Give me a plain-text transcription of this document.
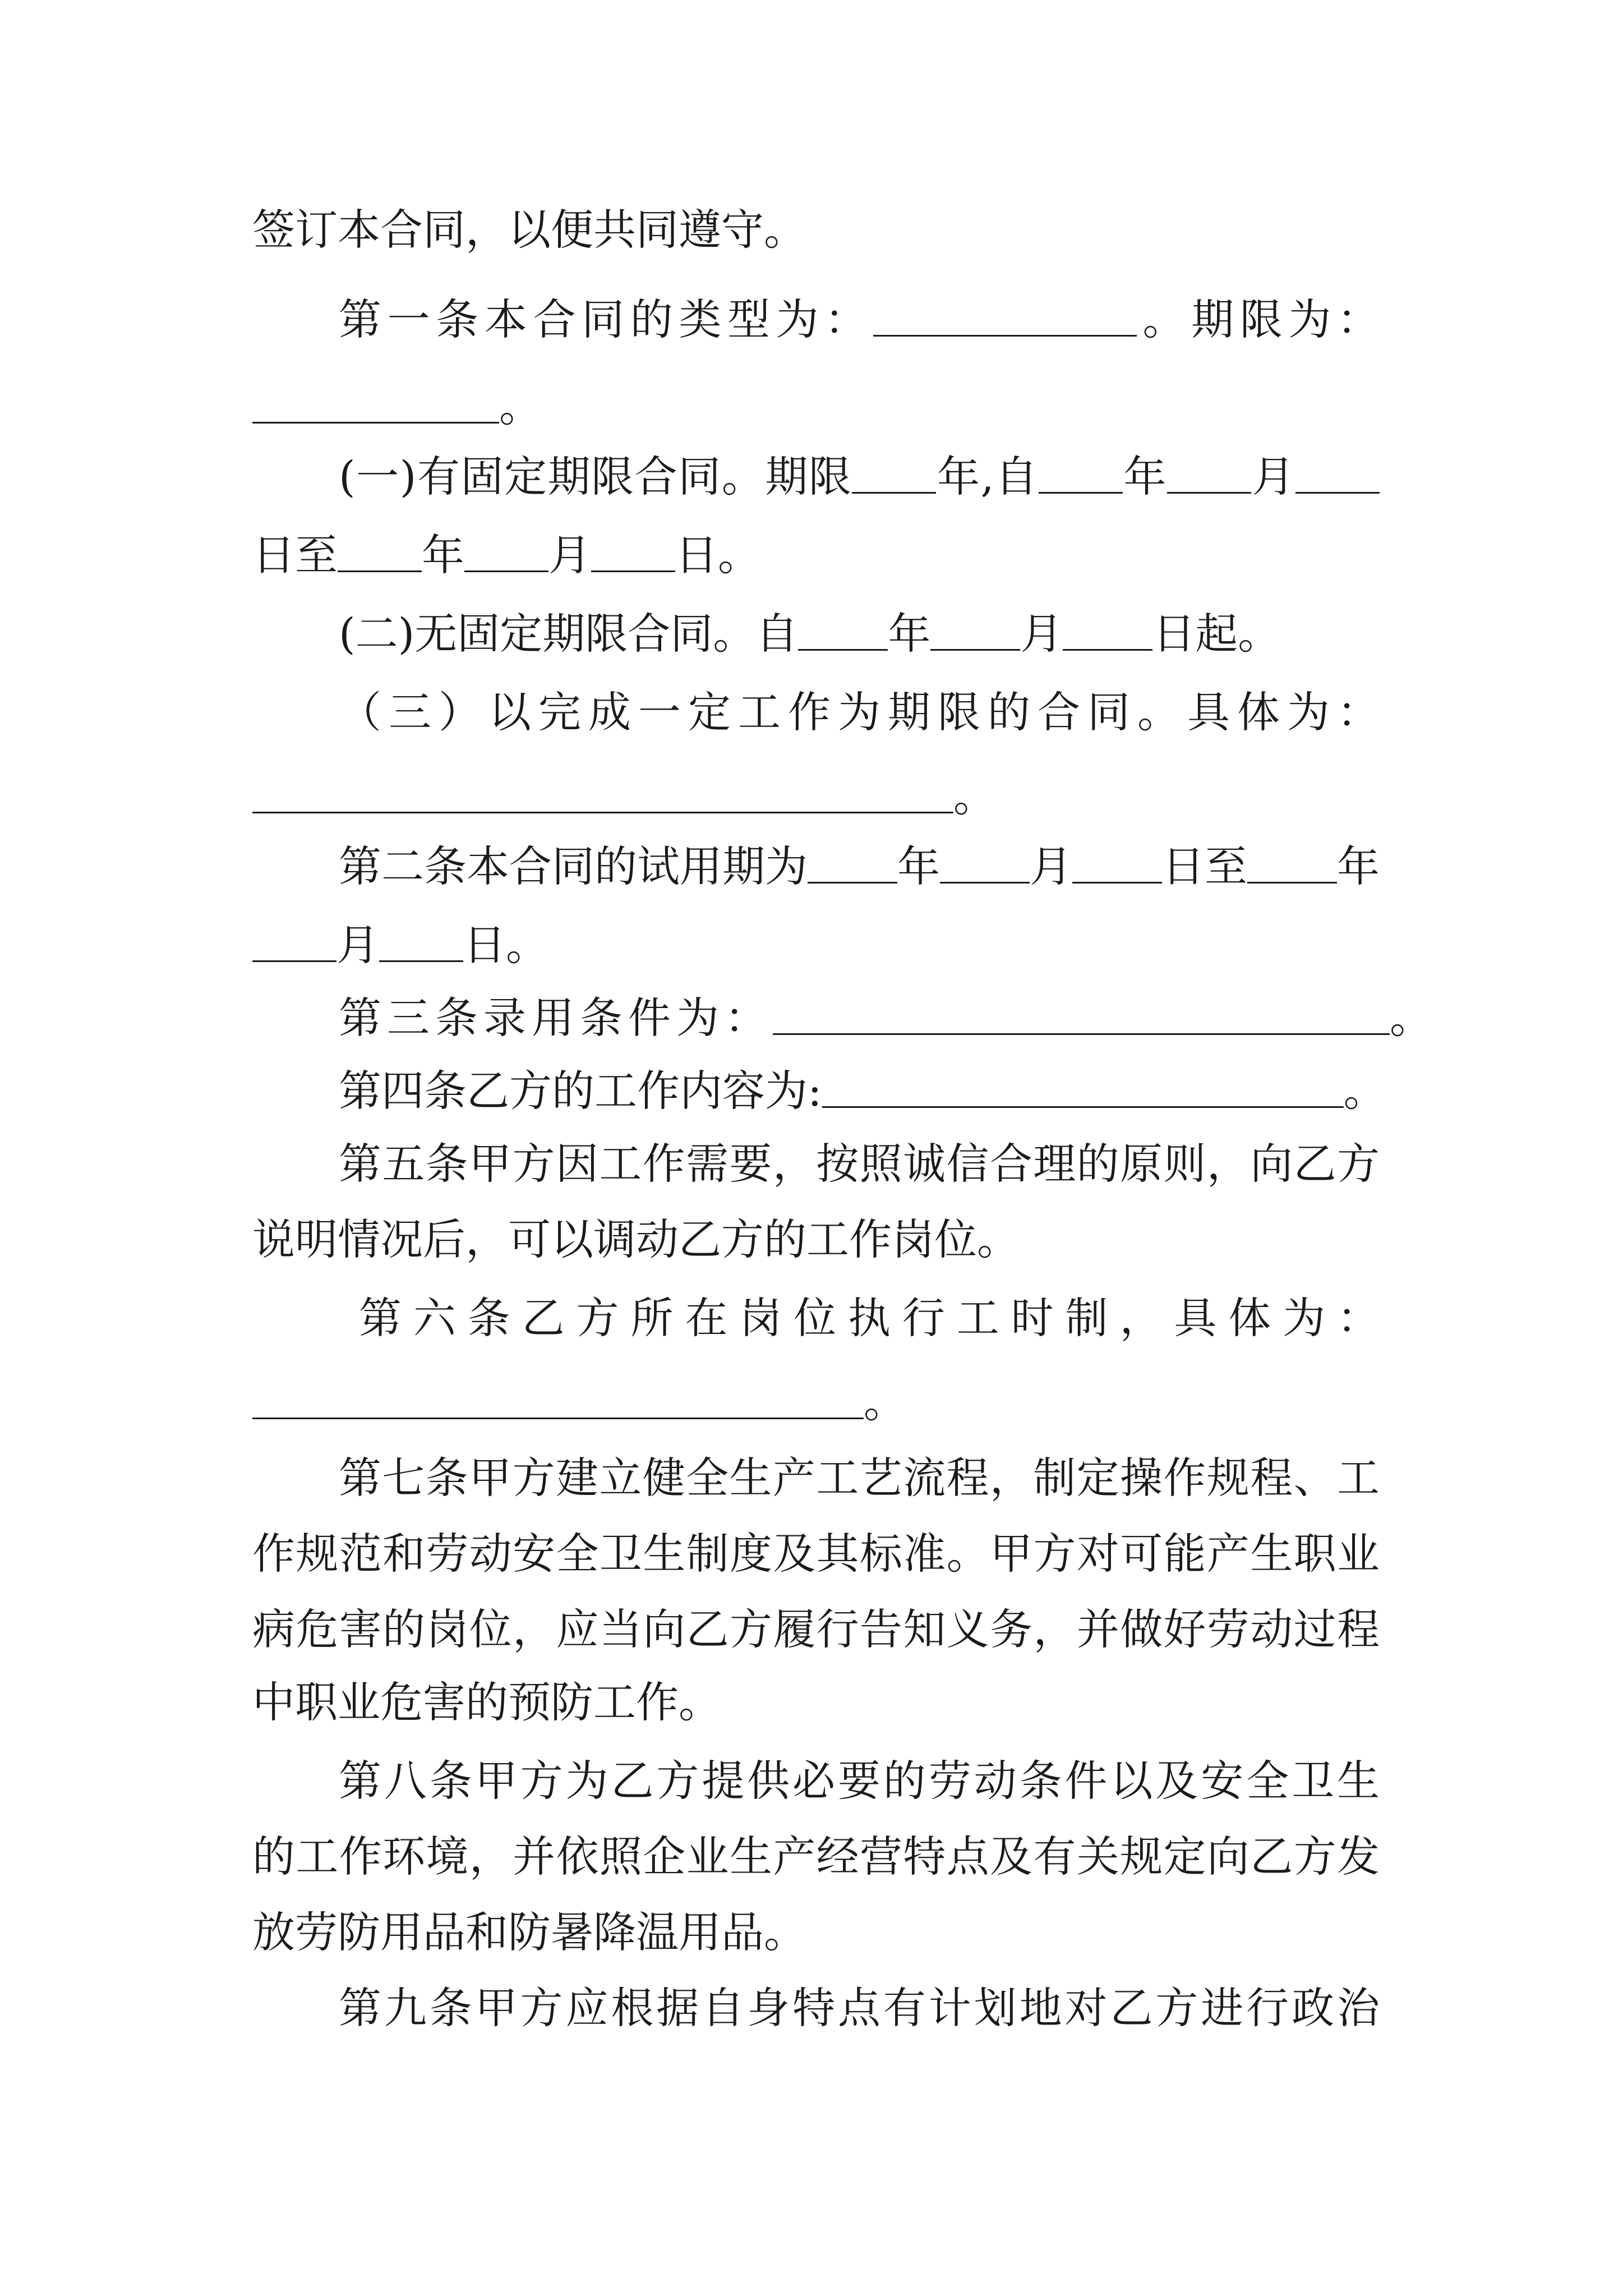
签订本合同，以便共同遵守。
第一条本合同的类型为：	。期限为：
。
(一)有固定期限合同。期限 年,自 年 月
日至 年 月 日。
(二)无固定期限合同。自 年 月 日起。
（三）以完成一定工作为期限的合同。具体为：
。
第二条本合同的试用期为 年 月 日至 年
月 日。
第三条录用条件为：	。
第四条乙方的工作内容为:	。
第五条甲方因工作需要，按照诚信合理的原则，向乙方
说明情况后，可以调动乙方的工作岗位。
第六条乙方所在岗位执行工时制，具体为：
。
第七条甲方建立健全生产工艺流程，制定操作规程、工
作规范和劳动安全卫生制度及其标准。甲方对可能产生职业
病危害的岗位，应当向乙方履行告知义务，并做好劳动过程
中职业危害的预防工作。
第八条甲方为乙方提供必要的劳动条件以及安全卫生
的工作环境，并依照企业生产经营特点及有关规定向乙方发
放劳防用品和防暑降温用品。
第九条甲方应根据自身特点有计划地对乙方进行政治
